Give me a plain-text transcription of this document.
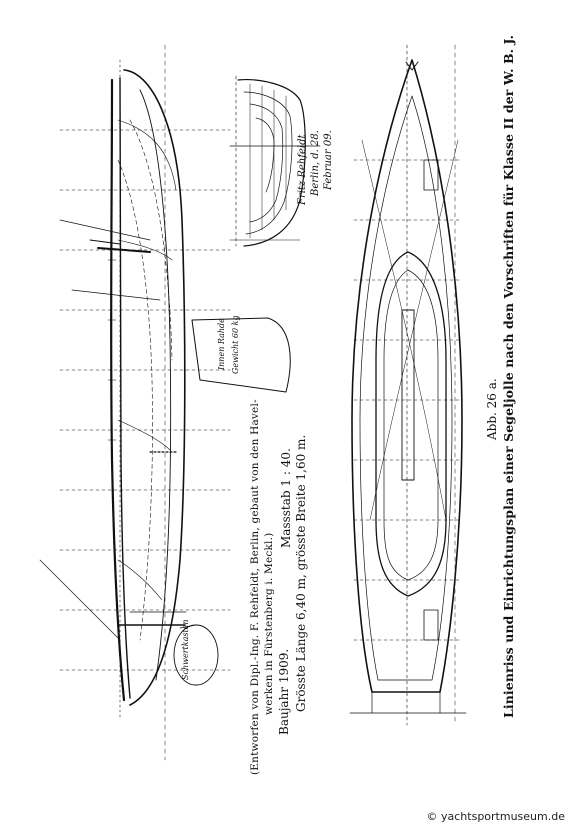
(Entworfen von Dipl.-Ing. F. Rehfeldt, Berlin, gebaut von den Havel- werken in Fürstenberg i. Meckl.) Baujahr 1909.
Massstab 1 : 40. Grösste Länge 6,40 m, grösste Breite 1,60 m.
Abb. 26 a. Linienriss und Einrichtungsplan einer Segeljolle nach den Vorschriften für Klasse II der W. B. J.
Fritz Rehfeldt Berlin, d. 28. Februar 09.
Innen Rahde Gewicht 60 kg
Schwertkasten
© yachtsportmuseum.de
